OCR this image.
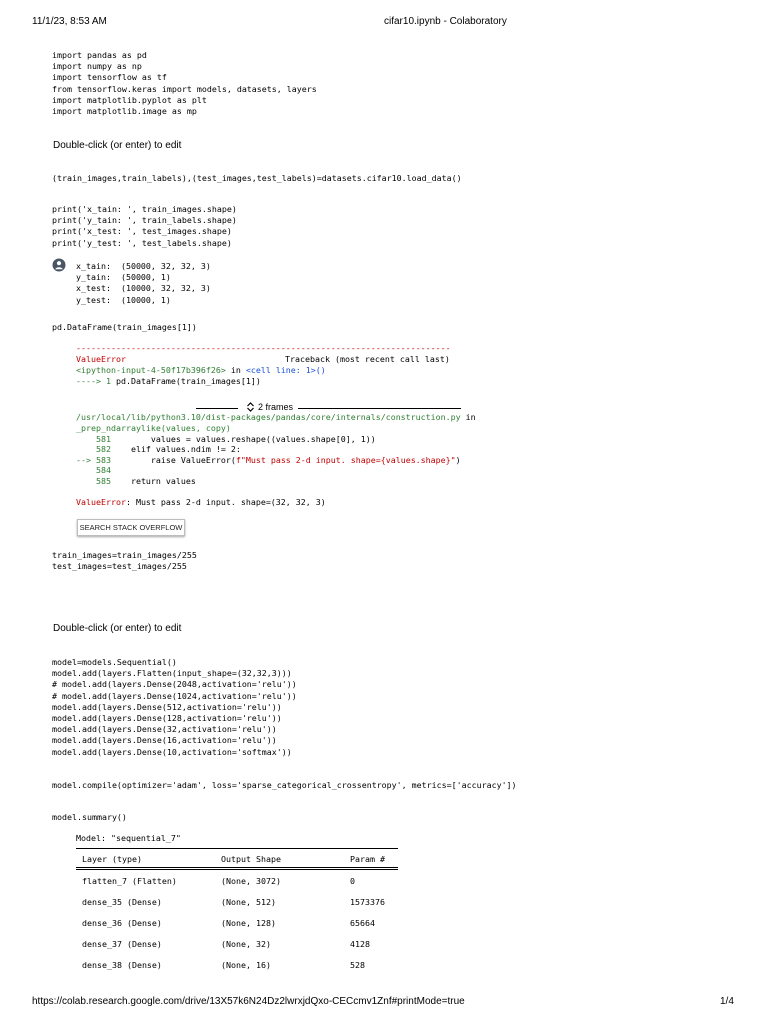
11/1/23, 8:53 AM	cifar10.ipynb - Colaboratory
import pandas as pd
import numpy as np
import tensorflow as tf
from tensorflow.keras import models, datasets, layers
import matplotlib.pyplot as plt
import matplotlib.image as mp
Double-click (or enter) to edit
(train_images,train_labels),(test_images,test_labels)=datasets.cifar10.load_data()
print('x_tain: ', train_images.shape)
print('y_tain: ', train_labels.shape)
print('x_test: ', test_images.shape)
print('y_test: ', test_labels.shape)
x_tain:  (50000, 32, 32, 3)
y_tain:  (50000, 1)
x_test:  (10000, 32, 32, 3)
y_test:  (10000, 1)
pd.DataFrame(train_images[1])
---------------------------------------------------------------------------
ValueError	Traceback (most recent call last)
<ipython-input-4-50f17b396f26> in <cell line: 1>()
----> 1 pd.DataFrame(train_images[1])
2 frames
/usr/local/lib/python3.10/dist-packages/pandas/core/internals/construction.py in
_prep_ndarraylike(values, copy)
581        values = values.reshape((values.shape[0], 1))
582    elif values.ndim != 2:
--> 583        raise ValueError(f"Must pass 2-d input. shape={values.shape}")
584
585    return values
ValueError: Must pass 2-d input. shape=(32, 32, 3)
SEARCH STACK OVERFLOW
train_images=train_images/255
test_images=test_images/255
Double-click (or enter) to edit
model=models.Sequential()
model.add(layers.Flatten(input_shape=(32,32,3)))
# model.add(layers.Dense(2048,activation='relu'))
# model.add(layers.Dense(1024,activation='relu'))
model.add(layers.Dense(512,activation='relu'))
model.add(layers.Dense(128,activation='relu'))
model.add(layers.Dense(32,activation='relu'))
model.add(layers.Dense(16,activation='relu'))
model.add(layers.Dense(10,activation='softmax'))
model.compile(optimizer='adam', loss='sparse_categorical_crossentropy', metrics=['accuracy'])
model.summary()
Model: "sequential_7"
Layer (type)	Output Shape	Param #
flatten_7 (Flatten)	(None, 3072)	0
dense_35 (Dense)	(None, 512)	1573376
dense_36 (Dense)	(None, 128)	65664
dense_37 (Dense)	(None, 32)	4128
dense_38 (Dense)	(None, 16)	528
https://colab.research.google.com/drive/13X57k6N24Dz2lwrxjdQxo-CECcmv1Znf#printMode=true	1/4
